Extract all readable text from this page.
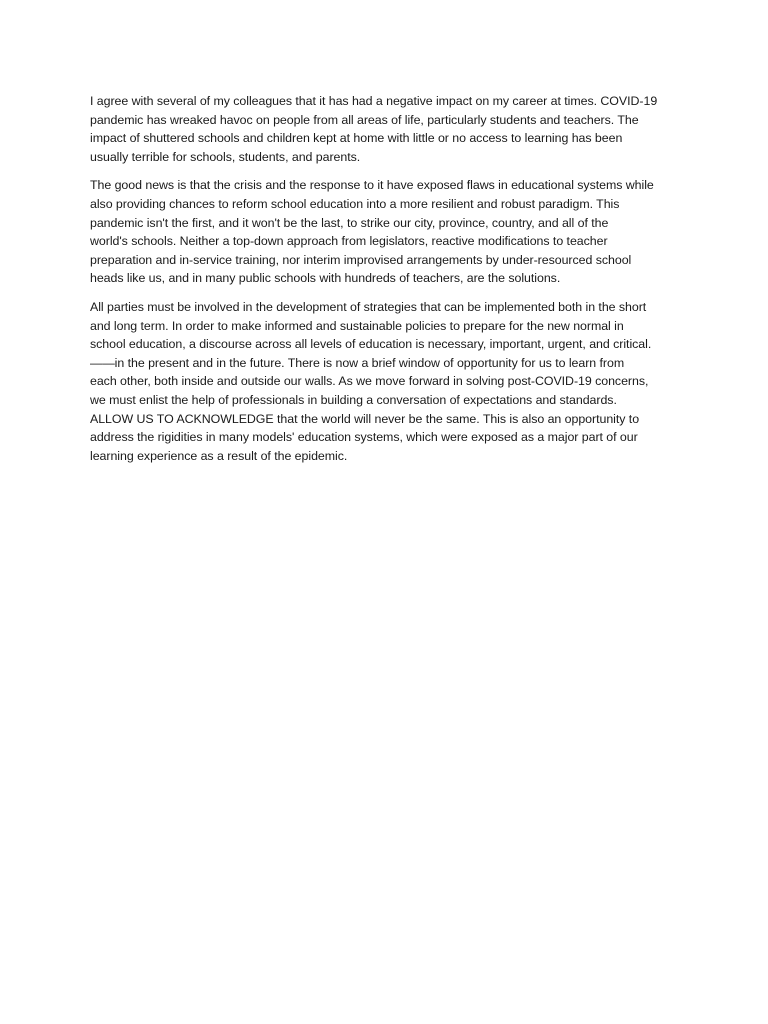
I agree with several of my colleagues that it has had a negative impact on my career at times. COVID-19
pandemic has wreaked havoc on people from all areas of life, particularly students and teachers. The
impact of shuttered schools and children kept at home with little or no access to learning has been
usually terrible for schools, students, and parents.

The good news is that the crisis and the response to it have exposed flaws in educational systems while
also providing chances to reform school education into a more resilient and robust paradigm. This
pandemic isn't the first, and it won't be the last, to strike our city, province, country, and all of the
world's schools. Neither a top-down approach from legislators, reactive modifications to teacher
preparation and in-service training, nor interim improvised arrangements by under-resourced school
heads like us, and in many public schools with hundreds of teachers, are the solutions.

All parties must be involved in the development of strategies that can be implemented both in the short
and long term. In order to make informed and sustainable policies to prepare for the new normal in
school education, a discourse across all levels of education is necessary, important, urgent, and critical.
——in the present and in the future. There is now a brief window of opportunity for us to learn from
each other, both inside and outside our walls. As we move forward in solving post-COVID-19 concerns,
we must enlist the help of professionals in building a conversation of expectations and standards.
ALLOW US TO ACKNOWLEDGE that the world will never be the same. This is also an opportunity to
address the rigidities in many models' education systems, which were exposed as a major part of our
learning experience as a result of the epidemic.
